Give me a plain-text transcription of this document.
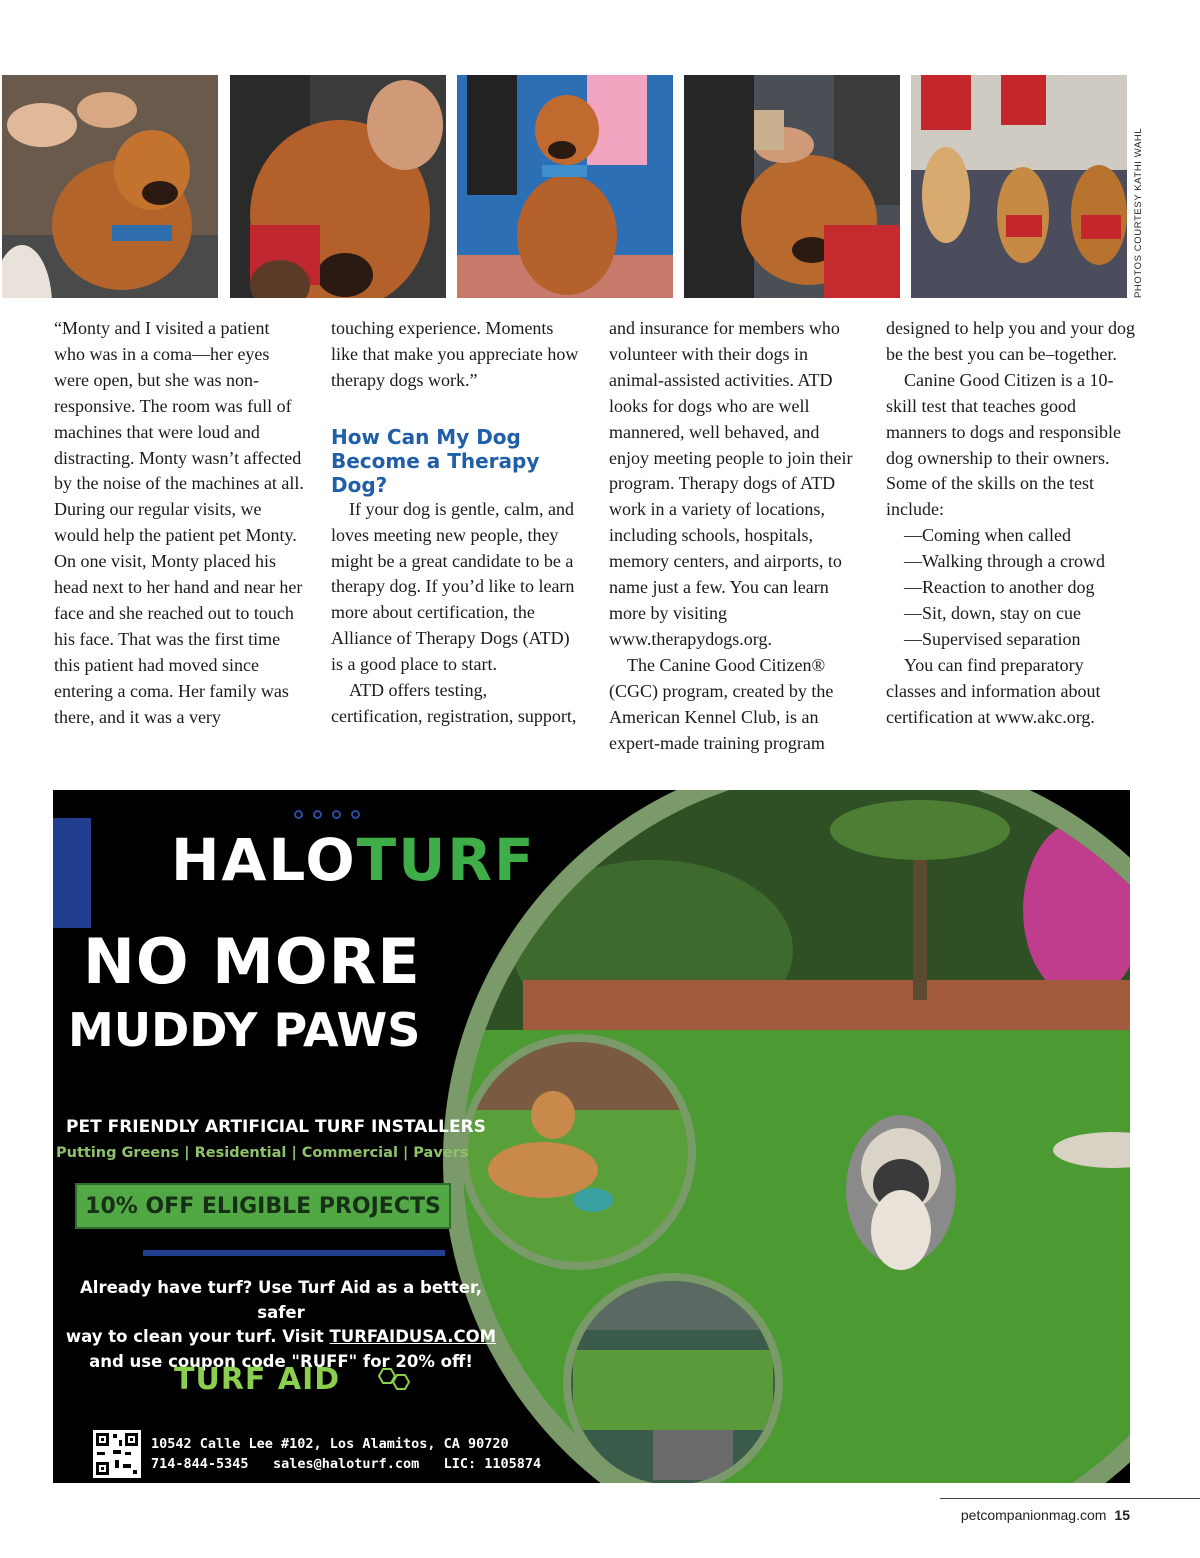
PHOTOS COURTESY KATHI WAHL

“Monty and I visited a patient who was in a coma—her eyes were open, but she was non-responsive. The room was full of machines that were loud and distracting. Monty wasn’t affected by the noise of the machines at all. During our regular visits, we would help the patient pet Monty. On one visit, Monty placed his head next to her hand and near her face and she reached out to touch his face. That was the first time this patient had moved since entering a coma. Her family was there, and it was a very

touching experience. Moments like that make you appreciate how therapy dogs work.”

How Can My Dog Become a Therapy Dog?

If your dog is gentle, calm, and loves meeting new people, they might be a great candidate to be a therapy dog. If you’d like to learn more about certification, the Alliance of Therapy Dogs (ATD) is a good place to start.

ATD offers testing, certification, registration, support,

and insurance for members who volunteer with their dogs in animal-assisted activities. ATD looks for dogs who are well mannered, well behaved, and enjoy meeting people to join their program. Therapy dogs of ATD work in a variety of locations, including schools, hospitals, memory centers, and airports, to name just a few. You can learn more by visiting www.therapydogs.org.

The Canine Good Citizen® (CGC) program, created by the American Kennel Club, is an expert-made training program

designed to help you and your dog be the best you can be–together.

Canine Good Citizen is a 10-skill test that teaches good manners to dogs and responsible dog ownership to their owners. Some of the skills on the test include:

—Coming when called

—Walking through a crowd

—Reaction to another dog

—Sit, down, stay on cue

—Supervised separation

You can find preparatory classes and information about certification at www.akc.org.

HALOTURF
NO MORE
MUDDY PAWS
PET FRIENDLY ARTIFICIAL TURF INSTALLERS
Putting Greens | Residential | Commercial | Pavers
10% OFF ELIGIBLE PROJECTS
Already have turf? Use Turf Aid as a better, safer
way to clean your turf. Visit TURFAIDUSA.COM
and use coupon code "RUFF" for 20% off!
TURF AID
10542 Calle Lee #102, Los Alamitos, CA 90720
714-844-5345 sales@haloturf.com LIC: 1105874
petcompanionmag.com 15
